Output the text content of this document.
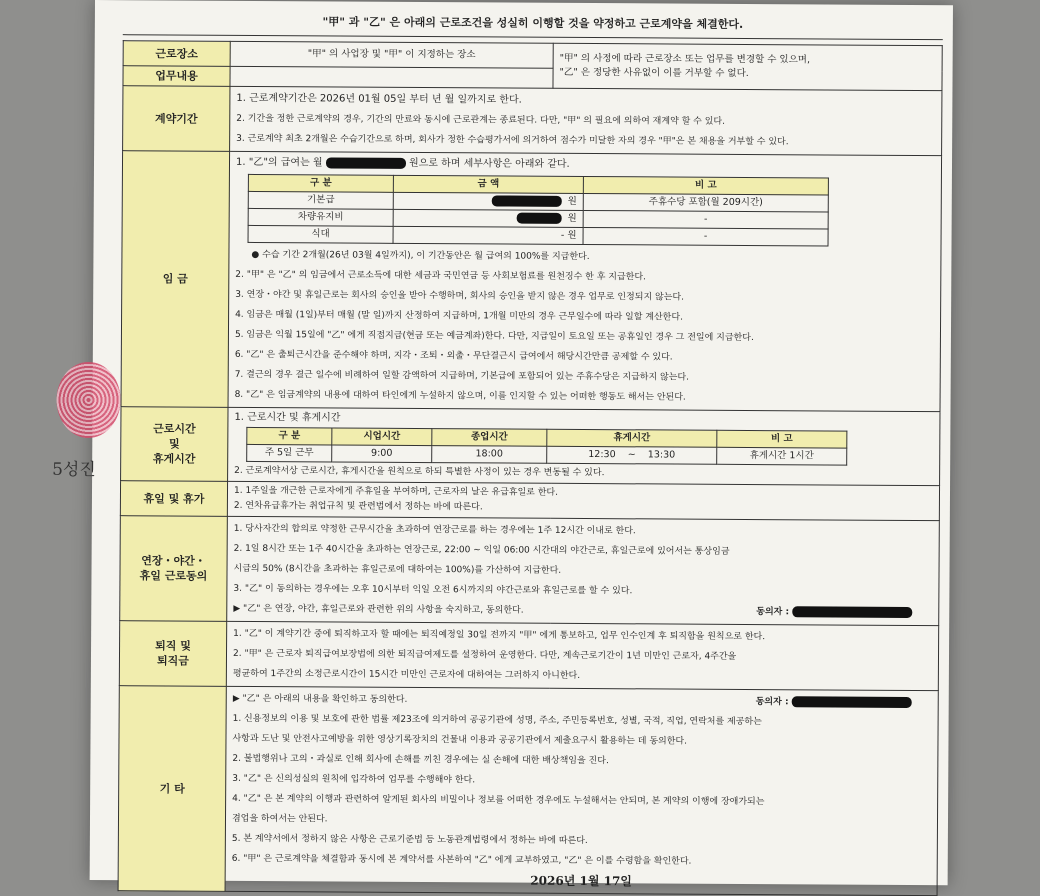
5성진
"甲" 과 "乙" 은 아래의 근로조건을 성실히 이행할 것을 약정하고 근로계약을 체결한다.
근로장소	"甲" 의 사업장 및 "甲" 이 지정하는 장소	"甲" 의 사정에 따라 근로장소 또는 업무를 변경할 수 있으며,
"乙" 은 정당한 사유없이 이를 거부할 수 없다.

업무내용	
계약기간	
1. 근로계약기간은 2026년 01월 05일 부터 년 월 일까지로 한다.
2. 기간을 정한 근로계약의 경우, 기간의 만료와 동시에 근로관계는 종료된다. 다만, "甲" 의 필요에 의하여 재계약 할 수 있다.
3. 근로계약 최초 2개월은 수습기간으로 하며, 회사가 정한 수습평가서에 의거하여 점수가 미달한 자의 경우 "甲"은 본 채용을 거부할 수 있다.

임 금	
1. "乙"의 급여는 월	원으로 하며 세부사항은 아래와 같다.
구 분	금 액	비 고
기본급	원	주휴수당 포함(월 209시간)
차량유지비	원	-
식대	- 원	-
● 수습 기간 2개월(26년 03월 4일까지), 이 기간동안은 월 급여의 100%를 지급한다.
2. "甲" 은 "乙" 의 임금에서 근로소득에 대한 세금과 국민연금 등 사회보험료를 원천징수 한 후 지급한다.
3. 연장・야간 및 휴일근로는 회사의 승인을 받아 수행하며, 회사의 승인을 받지 않은 경우 업무로 인정되지 않는다.
4. 임금은 매월 (1일)부터 매월 (말 일)까지 산정하여 지급하며, 1개월 미만의 경우 근무일수에 따라 일할 계산한다.
5. 임금은 익월 15일에 "乙" 에게 직접지급(현금 또는 예금계좌)한다. 다만, 지급일이 토요일 또는 공휴일인 경우 그 전일에 지급한다.
6. "乙" 은 출퇴근시간을 준수해야 하며, 지각・조퇴・외출・무단결근시 급여에서 해당시간만큼 공제할 수 있다.
7. 결근의 경우 결근 일수에 비례하여 일할 감액하여 지급하며, 기본급에 포함되어 있는 주휴수당은 지급하지 않는다.
8. "乙" 은 임금계약의 내용에 대하여 타인에게 누설하지 않으며, 이를 인지할 수 있는 어떠한 행동도 해서는 안된다.

근로시간
및
휴게시간

1. 근로시간 및 휴게시간
구 분	시업시간	종업시간	휴게시간	비 고
주 5일 근무	9:00	18:00	12:30 ~ 13:30	휴게시간 1시간
2. 근로계약서상 근로시간, 휴게시간을 원칙으로 하되 특별한 사정이 있는 경우 변동될 수 있다.

휴일 및 휴가	1. 1주일을 개근한 근로자에게 주휴일을 부여하며, 근로자의 날은 유급휴일로 한다.
2. 연차유급휴가는 취업규칙 및 관련법에서 정하는 바에 따른다.

연장・야간・
휴일 근로동의

1. 당사자간의 합의로 약정한 근무시간을 초과하여 연장근로를 하는 경우에는 1주 12시간 이내로 한다.
2. 1일 8시간 또는 1주 40시간을 초과하는 연장근로, 22:00 ~ 익일 06:00 시간대의 야간근로, 휴일근로에 있어서는 통상임금
시급의 50% (8시간을 초과하는 휴일근로에 대하여는 100%)를 가산하여 지급한다.
3. "乙" 이 동의하는 경우에는 오후 10시부터 익일 오전 6시까지의 야간근로와 휴일근로를 할 수 있다.
▶ "乙" 은 연장, 야간, 휴일근로와 관련한 위의 사항을 숙지하고, 동의한다.	동의자 :

퇴직 및
퇴직금

1. "乙" 이 계약기간 중에 퇴직하고자 할 때에는 퇴직예정일 30일 전까지 "甲" 에게 통보하고, 업무 인수인계 후 퇴직함을 원칙으로 한다.
2. "甲" 은 근로자 퇴직급여보장법에 의한 퇴직급여제도를 설정하여 운영한다. 다만, 계속근로기간이 1년 미만인 근로자, 4주간을
평균하여 1주간의 소정근로시간이 15시간 미만인 근로자에 대하여는 그러하지 아니한다.

기 타	
▶ "乙" 은 아래의 내용을 확인하고 동의한다.	동의자 :
1. 신용정보의 이용 및 보호에 관한 법률 제23조에 의거하여 공공기관에 성명, 주소, 주민등록번호, 성별, 국적, 직업, 연락처를 제공하는
사항과 도난 및 안전사고예방을 위한 영상기록장치의 건물내 이용과 공공기관에서 제출요구시 활용하는 데 동의한다.
2. 불법행위나 고의・과실로 인해 회사에 손해를 끼친 경우에는 실 손해에 대한 배상책임을 진다.
3. "乙" 은 신의성실의 원칙에 입각하여 업무를 수행해야 한다.
4. "乙" 은 본 계약의 이행과 관련하여 알게된 회사의 비밀이나 정보를 어떠한 경우에도 누설해서는 안되며, 본 계약의 이행에 장애가되는
겸업을 하여서는 안된다.
5. 본 계약서에서 정하지 않은 사항은 근로기준법 등 노동관계법령에서 정하는 바에 따른다.
6. "甲" 은 근로계약을 체결함과 동시에 본 계약서를 사본하여 "乙" 에게 교부하였고, "乙" 은 이를 수령함을 확인한다.
2026년 1월 17일
